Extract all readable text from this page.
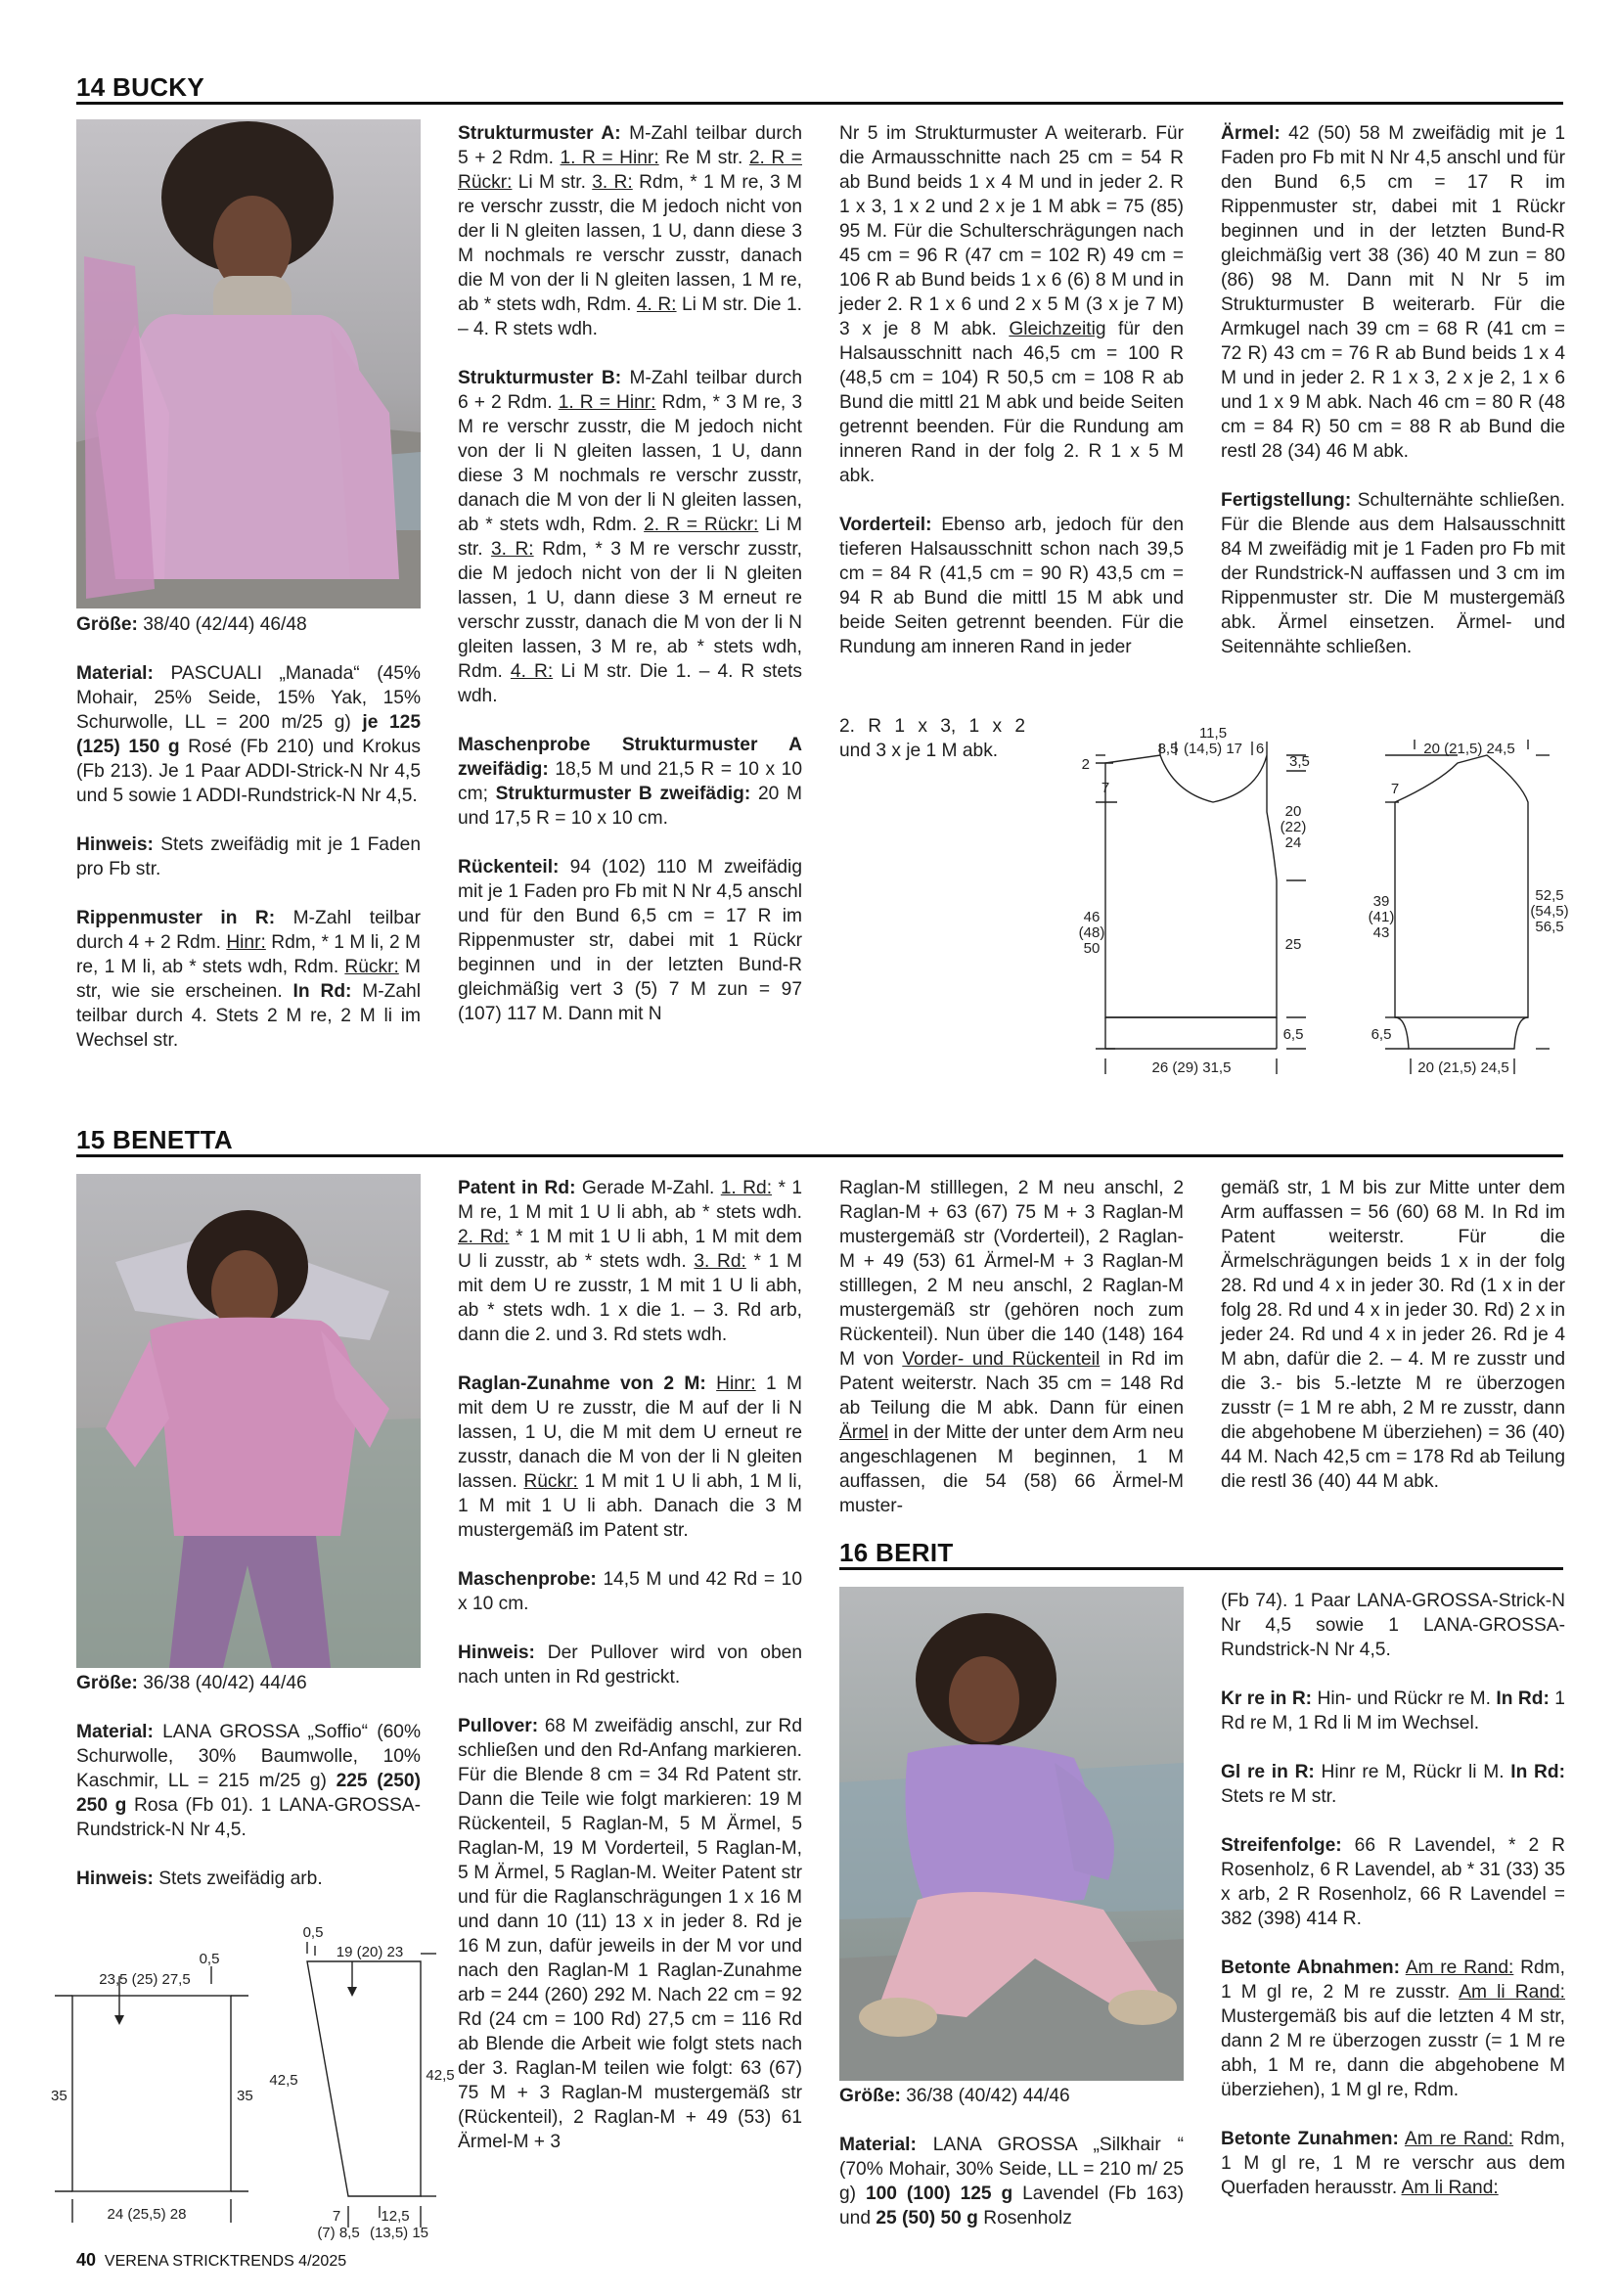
14 BUCKY

Größe: 38/40 (42/44) 46/48

Material: PASCUALI „Manada“ (45% Mohair, 25% Seide, 15% Yak, 15% Schurwolle, LL = 200 m/25 g) je 125 (125) 150 g Rosé (Fb 210) und Krokus (Fb 213). Je 1 Paar ADDI-Strick-N Nr 4,5 und 5 sowie 1 ADDI-Rundstrick-N Nr 4,5.

Hinweis: Stets zweifädig mit je 1 Faden pro Fb str.

Rippenmuster in R: M-Zahl teilbar durch 4 + 2 Rdm. Hinr: Rdm, * 1 M li, 2 M re, 1 M li, ab * stets wdh, Rdm. Rückr: M str, wie sie erscheinen. In Rd: M-Zahl teilbar durch 4. Stets 2 M re, 2 M li im Wechsel str.

Strukturmuster A: M-Zahl teilbar durch 5 + 2 Rdm. 1. R = Hinr: Re M str. 2. R = Rückr: Li M str. 3. R: Rdm, * 1 M re, 3 M re verschr zusstr, die M jedoch nicht von der li N gleiten lassen, 1 U, dann diese 3 M nochmals re verschr zusstr, danach die M von der li N gleiten lassen, 1 M re, ab * stets wdh, Rdm. 4. R: Li M str. Die 1. – 4. R stets wdh.

Strukturmuster B: M-Zahl teilbar durch 6 + 2 Rdm. 1. R = Hinr: Rdm, * 3 M re, 3 M re verschr zusstr, die M jedoch nicht von der li N gleiten lassen, 1 U, dann diese 3 M nochmals re verschr zusstr, danach die M von der li N gleiten lassen, ab * stets wdh, Rdm. 2. R = Rückr: Li M str. 3. R: Rdm, * 3 M re verschr zusstr, die M jedoch nicht von der li N gleiten lassen, 1 U, dann diese 3 M erneut re verschr zusstr, danach die M von der li N gleiten lassen, 3 M re, ab * stets wdh, Rdm. 4. R: Li M str. Die 1. – 4. R stets wdh.

Maschenprobe Strukturmuster A zweifädig: 18,5 M und 21,5 R = 10 x 10 cm; Strukturmuster B zweifädig: 20 M und 17,5 R = 10 x 10 cm.

Rückenteil: 94 (102) 110 M zweifädig mit je 1 Faden pro Fb mit N Nr 4,5 anschl und für den Bund 6,5 cm = 17 R im Rippenmuster str, dabei mit 1 Rückr beginnen und in der letzten Bund-R gleichmäßig vert 3 (5) 7 M zun = 97 (107) 117 M. Dann mit N

Nr 5 im Strukturmuster A weiterarb. Für die Armausschnitte nach 25 cm = 54 R ab Bund beids 1 x 4 M und in jeder 2. R 1 x 3, 1 x 2 und 2 x je 1 M abk = 75 (85) 95 M. Für die Schulterschrägungen nach 45 cm = 96 R (47 cm = 102 R) 49 cm = 106 R ab Bund beids 1 x 6 (6) 8 M und in jeder 2. R 1 x 6 und 2 x 5 M (3 x je 7 M) 3 x je 8 M abk. Gleichzeitig für den Halsausschnitt nach 46,5 cm = 100 R (48,5 cm = 104) R 50,5 cm = 108 R ab Bund die mittl 21 M abk und beide Seiten getrennt beenden. Für die Rundung am inneren Rand in der folg 2. R 1 x 5 M abk.

Vorderteil: Ebenso arb, jedoch für den tieferen Halsausschnitt schon nach 39,5 cm = 84 R (41,5 cm = 90 R) 43,5 cm = 94 R ab Bund die mittl 15 M abk und beide Seiten getrennt beenden. Für die Rundung am inneren Rand in jeder

2. R 1 x 3, 1 x 2
und 3 x je 1 M abk.

Ärmel: 42 (50) 58 M zweifädig mit je 1 Faden pro Fb mit N Nr 4,5 anschl und für den Bund 6,5 cm = 17 R im Rippenmuster str, dabei mit 1 Rückr beginnen und in der letzten Bund-R gleichmäßig vert 38 (36) 40 M zun = 80 (86) 98 M. Dann mit N Nr 5 im Strukturmuster B weiterarb. Für die Armkugel nach 39 cm = 68 R (41 cm = 72 R) 43 cm = 76 R ab Bund beids 1 x 4 M und in jeder 2. R 1 x 3, 2 x je 2, 1 x 6 und 1 x 9 M abk. Nach 46 cm = 80 R (48 cm = 84 R) 50 cm = 88 R ab Bund die restl 28 (34) 46 M abk.

Fertigstellung: Schulternähte schließen. Für die Blende aus dem Halsausschnitt 84 M zweifädig mit je 1 Faden pro Fb mit der Rundstrick-N auffassen und 3 cm im Rippenmuster str. Die M mustergemäß abk. Ärmel einsetzen. Ärmel- und Seitennähte schließen.

11,5
8,5 (14,5) 17 6
2
7
3,5
20
(22)
24
46
(48)
50	25
6,5
26 (29) 31,5
20 (21,5) 24,5
7
39
(41)
43
52,5
(54,5)
56,5
6,5
20 (21,5) 24,5
15 BENETTA

Größe: 36/38 (40/42) 44/46

Material: LANA GROSSA „Soffio“ (60% Schurwolle, 30% Baumwolle, 10% Kaschmir, LL = 215 m/25 g) 225 (250) 250 g Rosa (Fb 01). 1 LANA-GROSSA-Rundstrick-N Nr 4,5.

Hinweis: Stets zweifädig arb.

23,5 (25) 27,5
0,5
35	35
24 (25,5) 28
0,5
19 (20) 23
42,5	42,5
7	12,5
(7) 8,5 (13,5) 15

Patent in Rd: Gerade M-Zahl. 1. Rd: * 1 M re, 1 M mit 1 U li abh, ab * stets wdh. 2. Rd: * 1 M mit 1 U li abh, 1 M mit dem U li zusstr, ab * stets wdh. 3. Rd: * 1 M mit dem U re zusstr, 1 M mit 1 U li abh, ab * stets wdh. 1 x die 1. – 3. Rd arb, dann die 2. und 3. Rd stets wdh.

Raglan-Zunahme von 2 M: Hinr: 1 M mit dem U re zusstr, die M auf der li N lassen, 1 U, die M mit dem U erneut re zusstr, danach die M von der li N gleiten lassen. Rückr: 1 M mit 1 U li abh, 1 M li, 1 M mit 1 U li abh. Danach die 3 M mustergemäß im Patent str.

Maschenprobe: 14,5 M und 42 Rd = 10 x 10 cm.

Hinweis: Der Pullover wird von oben nach unten in Rd gestrickt.

Pullover: 68 M zweifädig anschl, zur Rd schließen und den Rd-Anfang markieren. Für die Blende 8 cm = 34 Rd Patent str. Dann die Teile wie folgt markieren: 19 M Rückenteil, 5 Raglan-M, 5 M Ärmel, 5 Raglan-M, 19 M Vorderteil, 5 Raglan-M, 5 M Ärmel, 5 Raglan-M. Weiter Patent str und für die Raglanschrägungen 1 x 16 M und dann 10 (11) 13 x in jeder 8. Rd je 16 M zun, dafür jeweils in der M vor und nach den Raglan-M 1 Raglan-Zunahme arb = 244 (260) 292 M. Nach 22 cm = 92 Rd (24 cm = 100 Rd) 27,5 cm = 116 Rd ab Blende die Arbeit wie folgt stets nach der 3. Raglan-M teilen wie folgt: 63 (67) 75 M + 3 Raglan-M mustergemäß str (Rückenteil), 2 Raglan-M + 49 (53) 61 Ärmel-M + 3

Raglan-M stilllegen, 2 M neu anschl, 2 Raglan-M + 63 (67) 75 M + 3 Raglan-M mustergemäß str (Vorderteil), 2 Raglan-M + 49 (53) 61 Ärmel-M + 3 Raglan-M stilllegen, 2 M neu anschl, 2 Raglan-M mustergemäß str (gehören noch zum Rückenteil). Nun über die 140 (148) 164 M von Vorder- und Rückenteil in Rd im Patent weiterstr. Nach 35 cm = 148 Rd ab Teilung die M abk. Dann für einen Ärmel in der Mitte der unter dem Arm neu angeschlagenen M beginnen, 1 M auffassen, die 54 (58) 66 Ärmel-M muster-

gemäß str, 1 M bis zur Mitte unter dem Arm auffassen = 56 (60) 68 M. In Rd im Patent weiterstr. Für die Ärmelschrägungen beids 1 x in der folg 28. Rd und 4 x in jeder 30. Rd (1 x in der folg 28. Rd und 4 x in jeder 30. Rd) 2 x in jeder 24. Rd und 4 x in jeder 26. Rd je 4 M abn, dafür die 2. – 4. M re zusstr und die 3.- bis 5.-letzte M re überzogen zusstr (= 1 M re abh, 2 M re zusstr, dann die abgehobene M überziehen) = 36 (40) 44 M. Nach 42,5 cm = 178 Rd ab Teilung die restl 36 (40) 44 M abk.

16 BERIT

Größe: 36/38 (40/42) 44/46

Material: LANA GROSSA „Silkhair “ (70% Mohair, 30% Seide, LL = 210 m/ 25 g) 100 (100) 125 g Lavendel (Fb 163) und 25 (50) 50 g Rosenholz

(Fb 74). 1 Paar LANA-GROSSA-Strick-N Nr 4,5 sowie 1 LANA-GROSSA-Rundstrick-N Nr 4,5.

Kr re in R: Hin- und Rückr re M. In Rd: 1 Rd re M, 1 Rd li M im Wechsel.

Gl re in R: Hinr re M, Rückr li M. In Rd: Stets re M str.

Streifenfolge: 66 R Lavendel, * 2 R Rosenholz, 6 R Lavendel, ab * 31 (33) 35 x arb, 2 R Rosenholz, 66 R Lavendel = 382 (398) 414 R.

Betonte Abnahmen: Am re Rand: Rdm, 1 M gl re, 2 M re zusstr. Am li Rand: Mustergemäß bis auf die letzten 4 M str, dann 2 M re überzogen zusstr (= 1 M re abh, 1 M re, dann die abgehobene M überziehen), 1 M gl re, Rdm.

Betonte Zunahmen: Am re Rand: Rdm, 1 M gl re, 1 M re verschr aus dem Querfaden herausstr. Am li Rand:

40 VERENA STRICKTRENDS 4/2025
